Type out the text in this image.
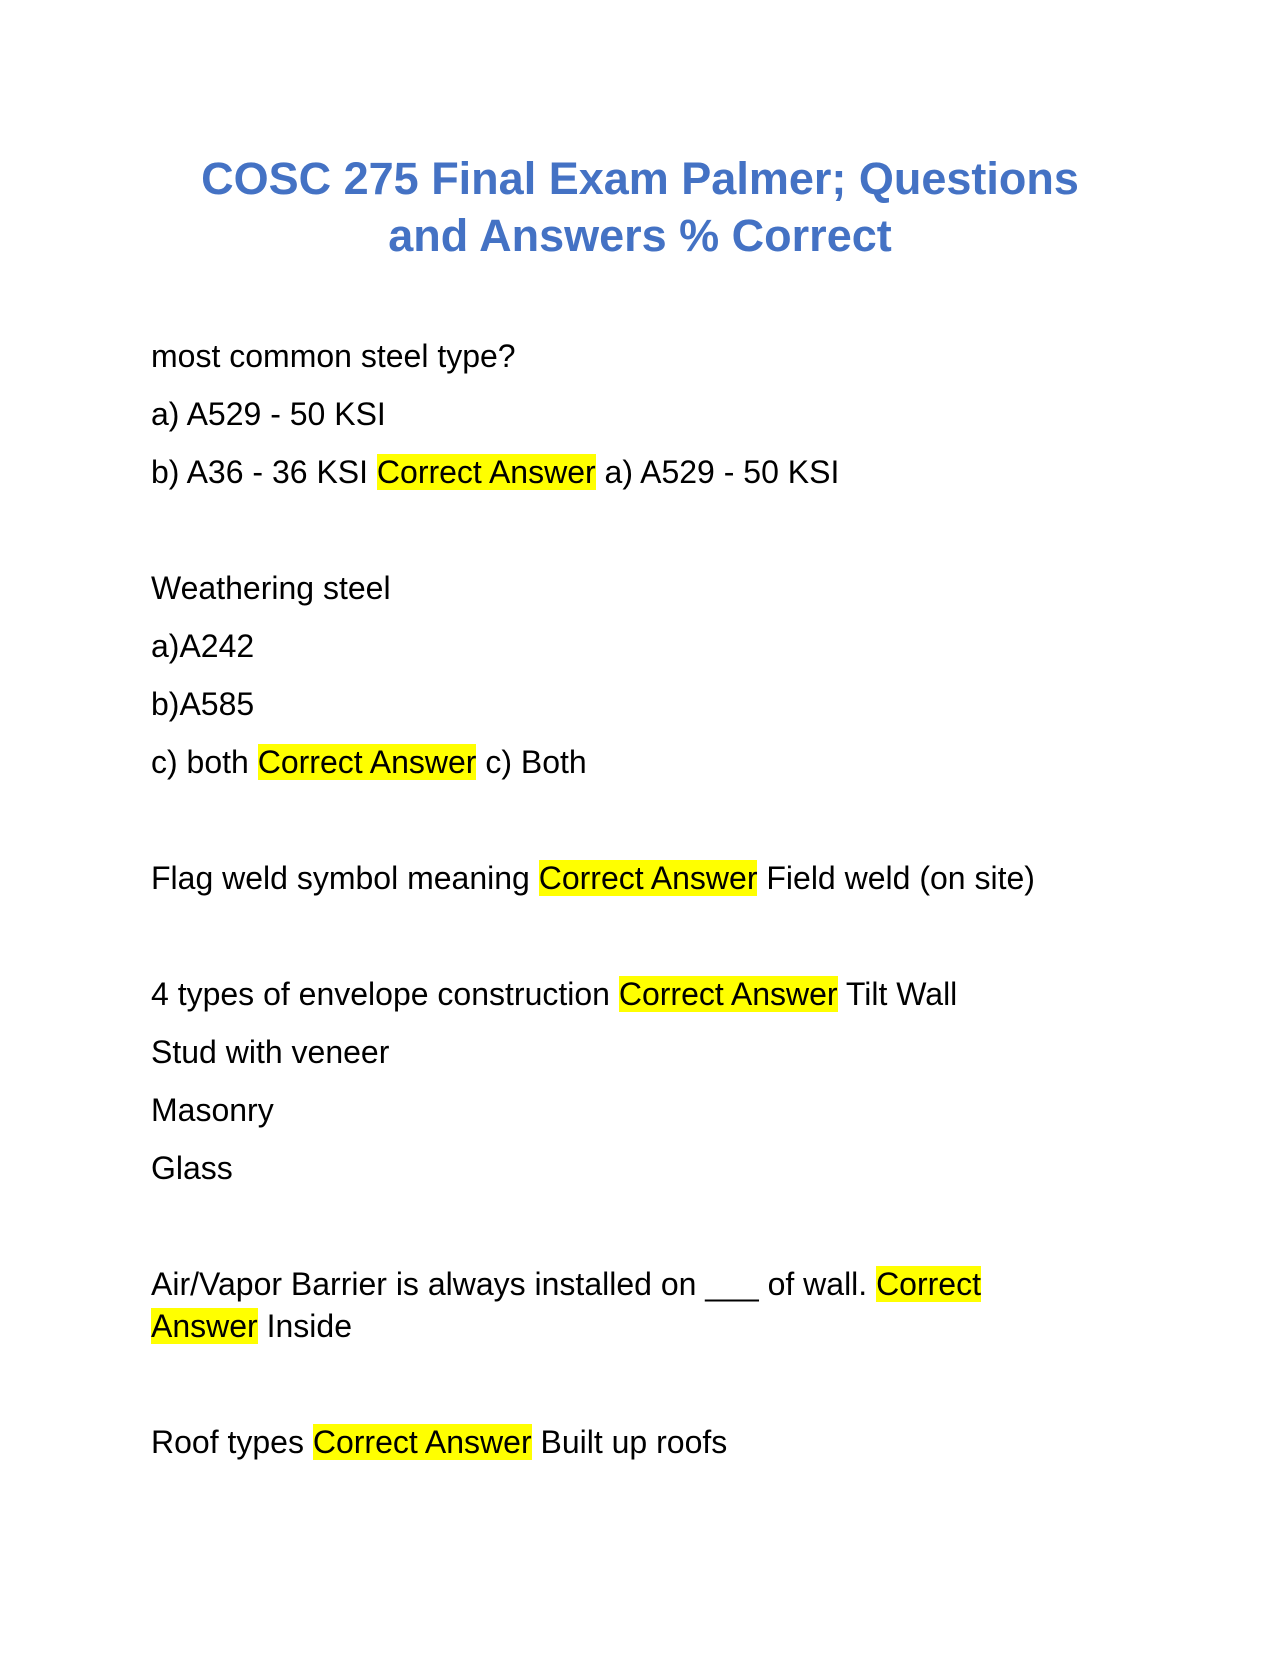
COSC 275 Final Exam Palmer; Questions
and Answers % Correct
most common steel type?
a) A529 - 50 KSI
b) A36 - 36 KSI Correct Answer a) A529 - 50 KSI
Weathering steel
a)A242
b)A585
c) both Correct Answer c) Both
Flag weld symbol meaning Correct Answer Field weld (on site)
4 types of envelope construction Correct Answer Tilt Wall
Stud with veneer
Masonry
Glass
Air/Vapor Barrier is always installed on ___ of wall. Correct
Answer Inside
Roof types Correct Answer Built up roofs
